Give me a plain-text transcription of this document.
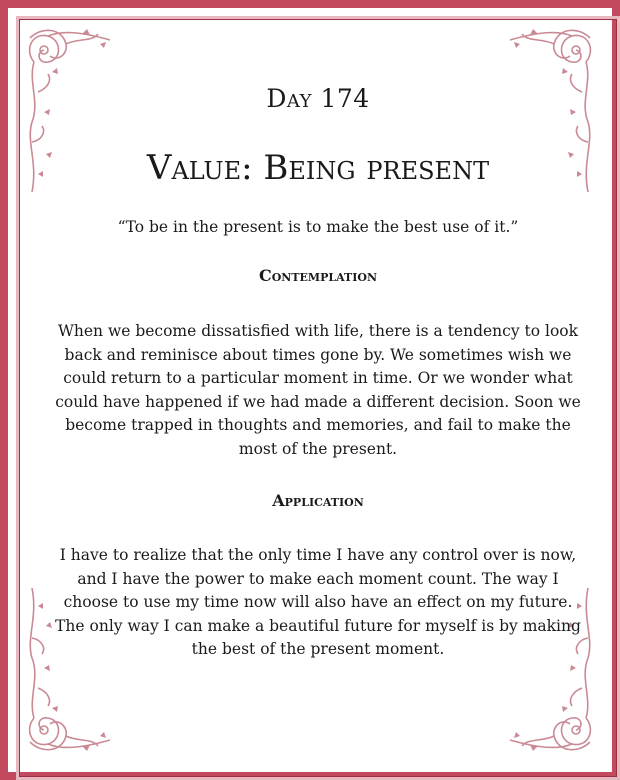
Day 174
Value: Being present

“To be in the present is to make the best use of it.”

Contemplation

When we become dissatisfied with life, there is a tendency to look back and reminisce about times gone by. We sometimes wish we could return to a particular moment in time. Or we wonder what could have happened if we had made a different decision. Soon we become trapped in thoughts and memories, and fail to make the most of the present.

Application

I have to realize that the only time I have any control over is now, and I have the power to make each moment count. The way I choose to use my time now will also have an effect on my future. The only way I can make a beautiful future for myself is by making the best of the present moment.
